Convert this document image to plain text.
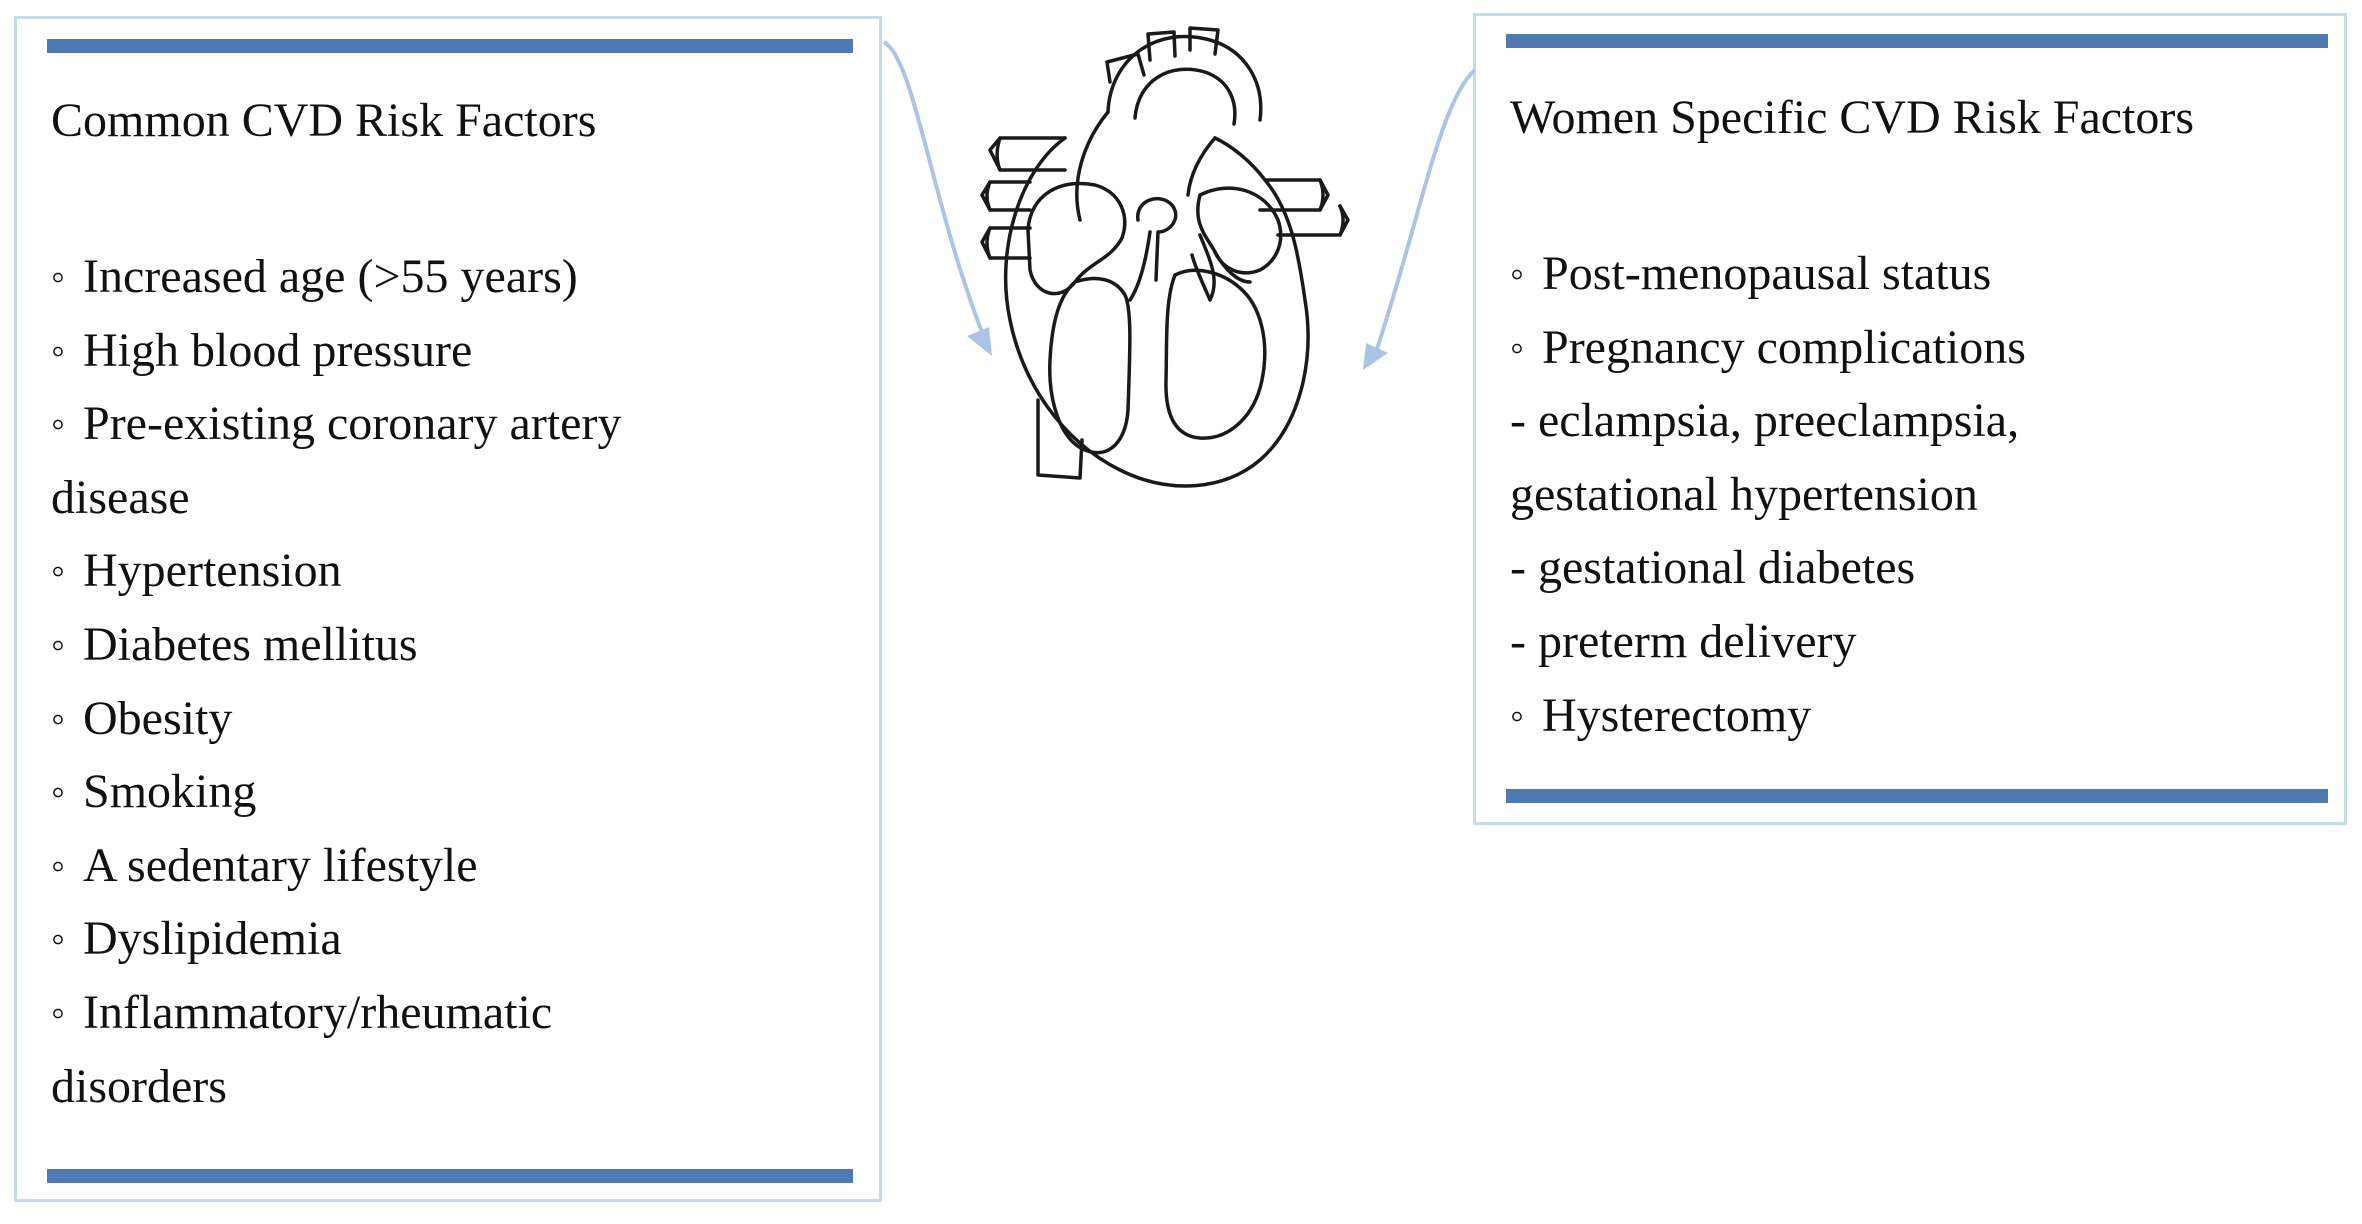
Common CVD Risk Factors
◦ Increased age (>55 years)
◦ High blood pressure
◦ Pre-existing coronary artery
disease
◦ Hypertension
◦ Diabetes mellitus
◦ Obesity
◦ Smoking
◦ A sedentary lifestyle
◦ Dyslipidemia
◦ Inflammatory/rheumatic
disorders
Women Specific CVD Risk Factors
◦ Post-menopausal status
◦ Pregnancy complications
- eclampsia, preeclampsia,
gestational hypertension
- gestational diabetes
- preterm delivery
◦ Hysterectomy
